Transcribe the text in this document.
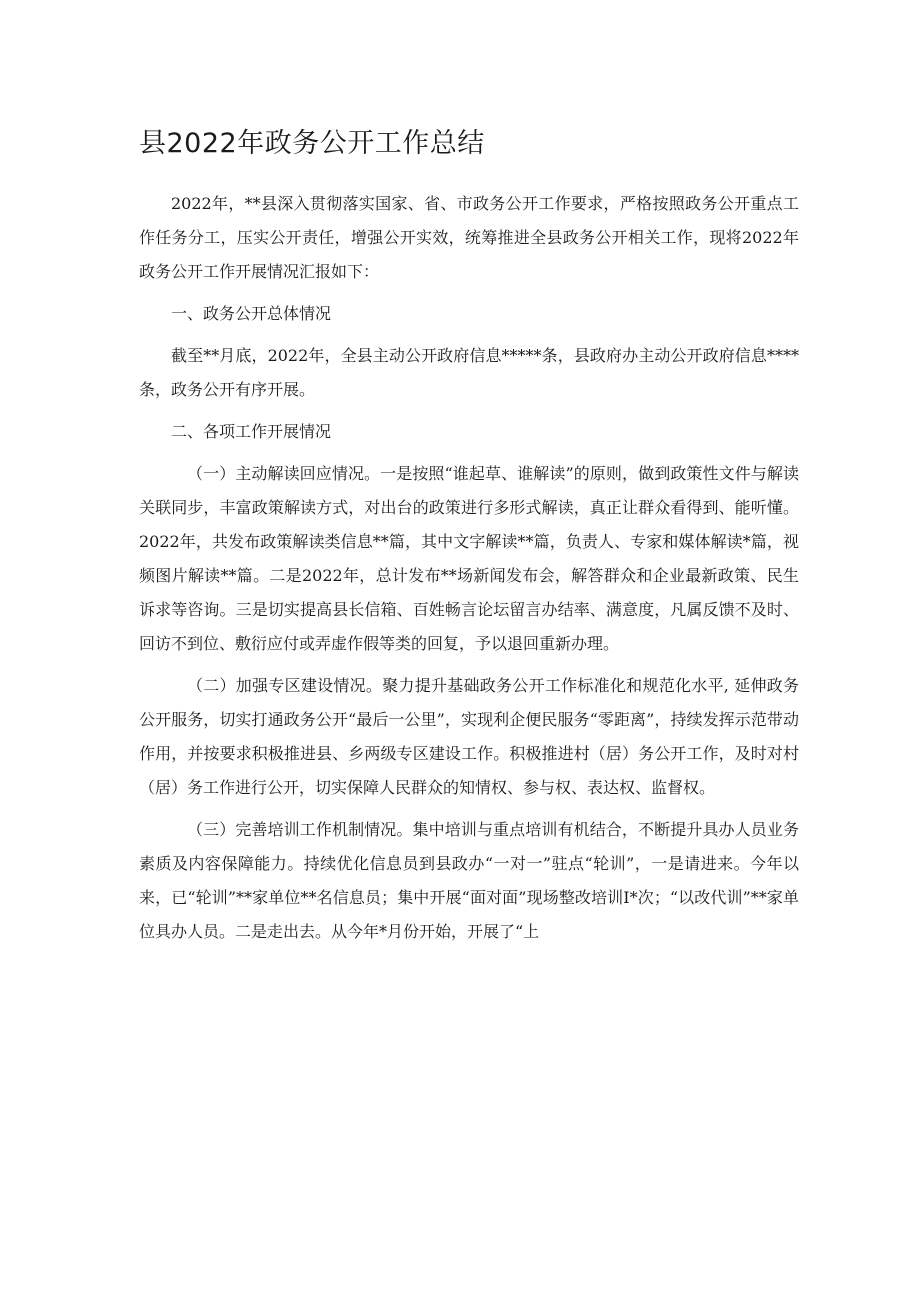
县2022年政务公开工作总结

2022年，**县深入贯彻落实国家、省、市政务公开工作要求，严格按照政务公开重点工作任务分工，压实公开责任，增强公开实效，统筹推进全县政务公开相关工作，现将2022年政务公开工作开展情况汇报如下：

一、政务公开总体情况

截至**月底，2022年，全县主动公开政府信息*****条，县政府办主动公开政府信息****条，政务公开有序开展。

二、各项工作开展情况

（一）主动解读回应情况。一是按照“谁起草、谁解读”的原则，做到政策性文件与解读关联同步，丰富政策解读方式，对出台的政策进行多形式解读，真正让群众看得到、能听懂。2022年，共发布政策解读类信息**篇，其中文字解读**篇，负责人、专家和媒体解读*篇，视频图片解读**篇。二是2022年，总计发布**场新闻发布会，解答群众和企业最新政策、民生诉求等咨询。三是切实提高县长信箱、百姓畅言论坛留言办结率、满意度，凡属反馈不及时、回访不到位、敷衍应付或弄虚作假等类的回复，予以退回重新办理。

（二）加强专区建设情况。聚力提升基础政务公开工作标准化和规范化水平, 延伸政务公开服务，切实打通政务公开“最后一公里”，实现利企便民服务“零距离”，持续发挥示范带动作用，并按要求积极推进县、乡两级专区建设工作。积极推进村（居）务公开工作，及时对村（居）务工作进行公开，切实保障人民群众的知情权、参与权、表达权、监督权。

（三）完善培训工作机制情况。集中培训与重点培训有机结合，不断提升具办人员业务素质及内容保障能力。持续优化信息员到县政办“一对一”驻点“轮训”，一是请进来。今年以来，已“轮训”**家单位**名信息员；集中开展“面对面”现场整改培训I*次；“以改代训”**家单位具办人员。二是走出去。从今年*月份开始，开展了“上
